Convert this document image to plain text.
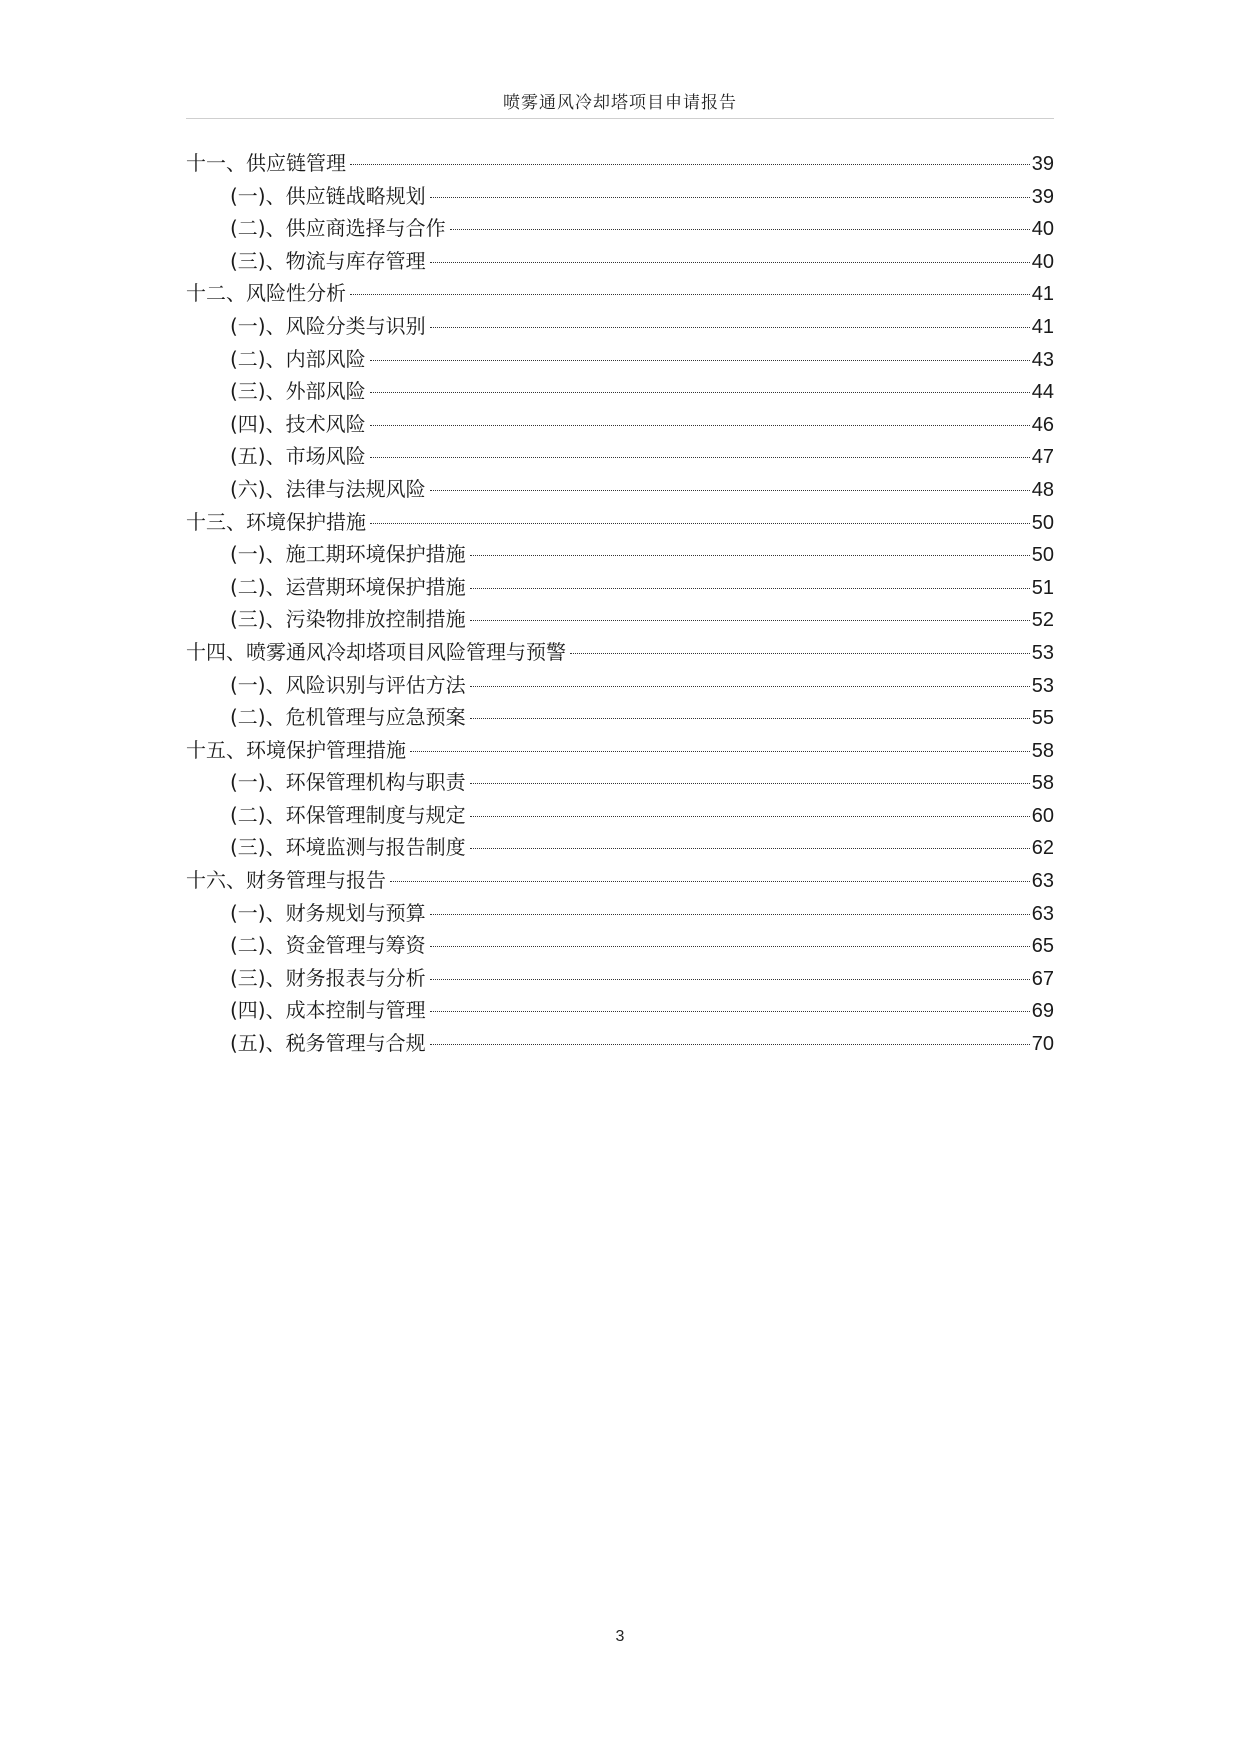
喷雾通风冷却塔项目申请报告
十一、供应链管理	39
(一)、供应链战略规划	39
(二)、供应商选择与合作	40
(三)、物流与库存管理	40
十二、风险性分析	41
(一)、风险分类与识别	41
(二)、内部风险	43
(三)、外部风险	44
(四)、技术风险	46
(五)、市场风险	47
(六)、法律与法规风险	48
十三、环境保护措施	50
(一)、施工期环境保护措施	50
(二)、运营期环境保护措施	51
(三)、污染物排放控制措施	52
十四、喷雾通风冷却塔项目风险管理与预警	53
(一)、风险识别与评估方法	53
(二)、危机管理与应急预案	55
十五、环境保护管理措施	58
(一)、环保管理机构与职责	58
(二)、环保管理制度与规定	60
(三)、环境监测与报告制度	62
十六、财务管理与报告	63
(一)、财务规划与预算	63
(二)、资金管理与筹资	65
(三)、财务报表与分析	67
(四)、成本控制与管理	69
(五)、税务管理与合规	70
3
